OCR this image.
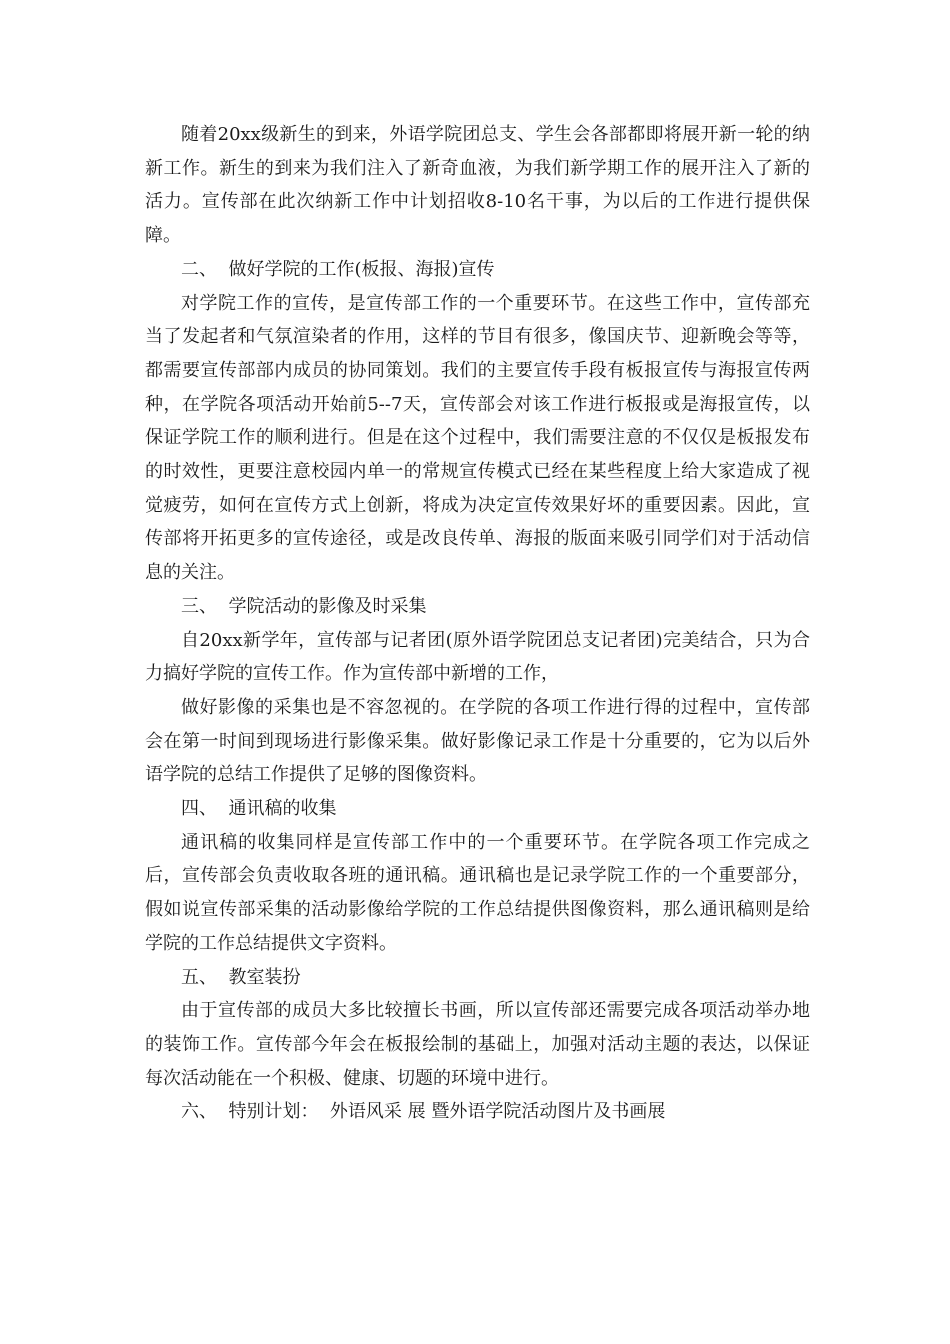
随着20xx级新生的到来，外语学院团总支、学生会各部都即将展开新一轮的纳新工作。新生的到来为我们注入了新奇血液，为我们新学期工作的展开注入了新的活力。宣传部在此次纳新工作中计划招收8-10名干事，为以后的工作进行提供保障。

二、  做好学院的工作(板报、海报)宣传

对学院工作的宣传，是宣传部工作的一个重要环节。在这些工作中，宣传部充当了发起者和气氛渲染者的作用，这样的节目有很多，像国庆节、迎新晚会等等，都需要宣传部部内成员的协同策划。我们的主要宣传手段有板报宣传与海报宣传两种，在学院各项活动开始前5--7天，宣传部会对该工作进行板报或是海报宣传，以保证学院工作的顺利进行。但是在这个过程中，我们需要注意的不仅仅是板报发布的时效性，更要注意校园内单一的常规宣传模式已经在某些程度上给大家造成了视觉疲劳，如何在宣传方式上创新，将成为决定宣传效果好坏的重要因素。因此，宣传部将开拓更多的宣传途径，或是改良传单、海报的版面来吸引同学们对于活动信息的关注。

三、  学院活动的影像及时采集

自20xx新学年，宣传部与记者团(原外语学院团总支记者团)完美结合，只为合力搞好学院的宣传工作。作为宣传部中新增的工作，

做好影像的采集也是不容忽视的。在学院的各项工作进行得的过程中，宣传部会在第一时间到现场进行影像采集。做好影像记录工作是十分重要的，它为以后外语学院的总结工作提供了足够的图像资料。

四、  通讯稿的收集

通讯稿的收集同样是宣传部工作中的一个重要环节。在学院各项工作完成之后，宣传部会负责收取各班的通讯稿。通讯稿也是记录学院工作的一个重要部分，假如说宣传部采集的活动影像给学院的工作总结提供图像资料，那么通讯稿则是给学院的工作总结提供文字资料。

五、  教室装扮

由于宣传部的成员大多比较擅长书画，所以宣传部还需要完成各项活动举办地的装饰工作。宣传部今年会在板报绘制的基础上，加强对活动主题的表达，以保证每次活动能在一个积极、健康、切题的环境中进行。

六、  特别计划：  外语风采 展 暨外语学院活动图片及书画展
